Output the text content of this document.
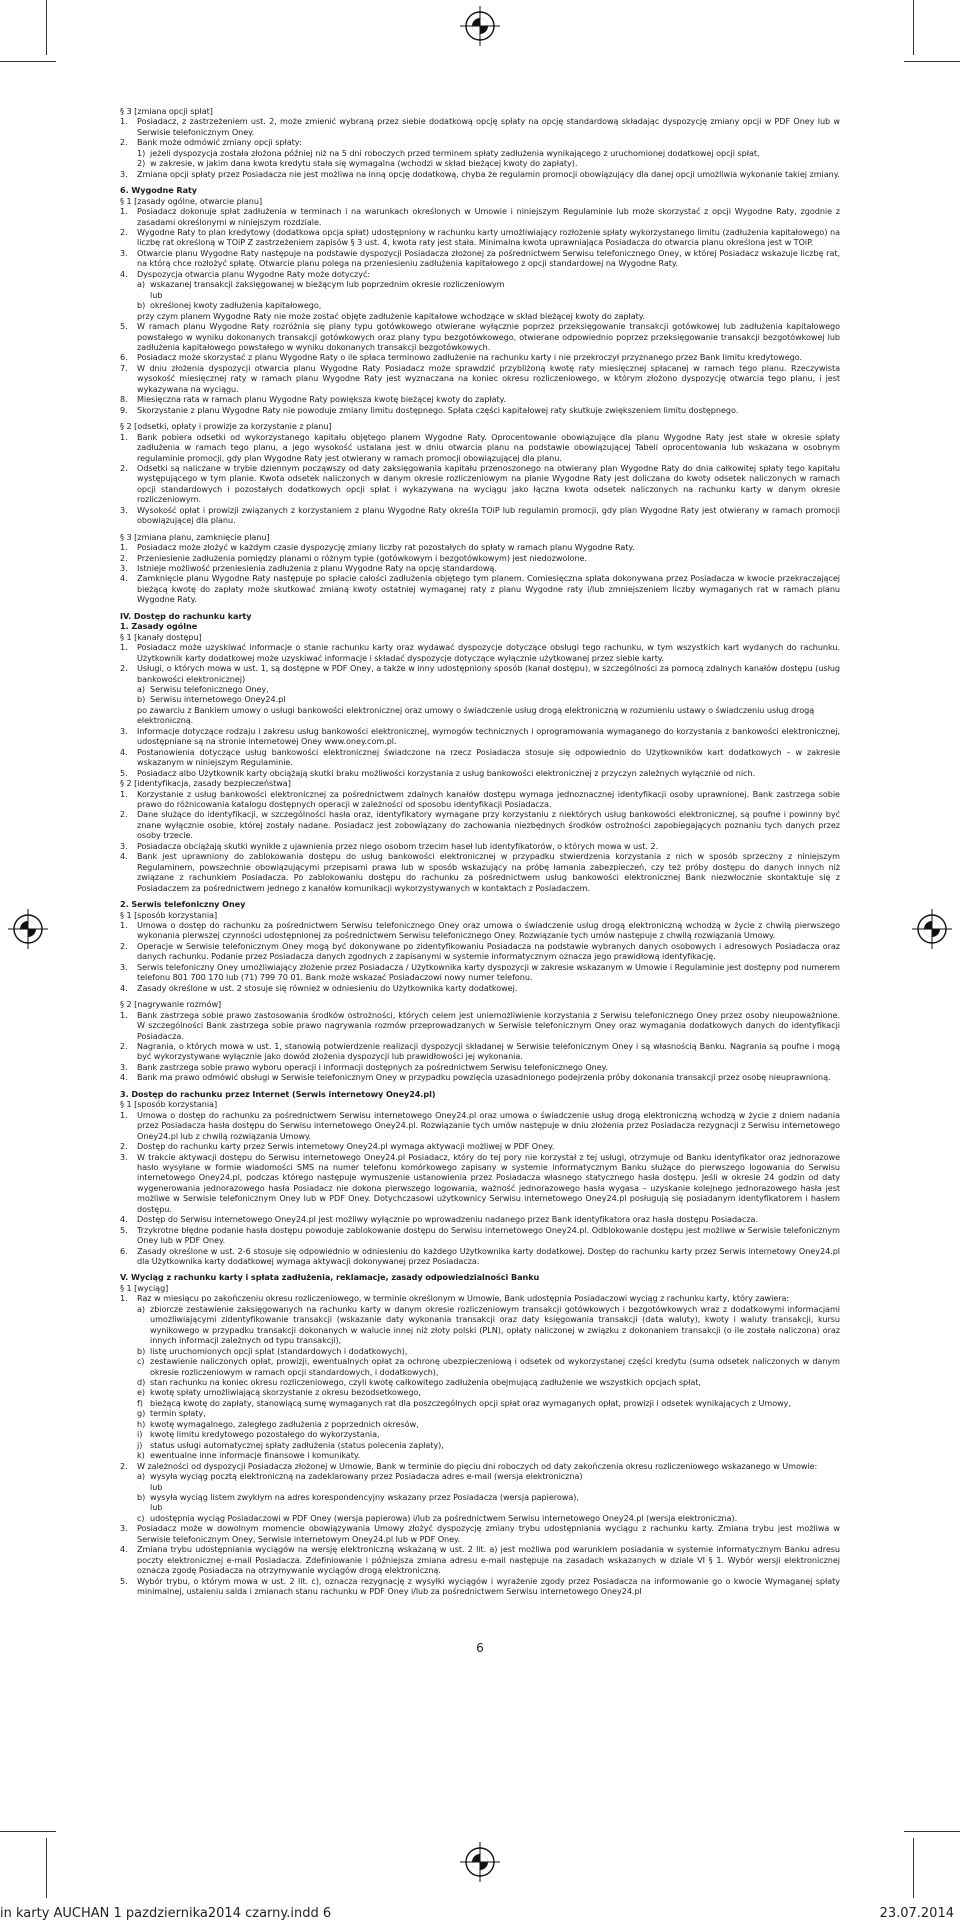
§ 3 [zmiana opcji spłat]
1.	Posiadacz, z zastrzeżeniem ust. 2, może zmienić wybraną przez siebie dodatkową opcję spłaty na opcję standardową składając dyspozycję zmiany opcji w PDF Oney lub w Serwisie telefonicznym Oney.
2.	Bank może odmówić zmiany opcji spłaty:
1) jeżeli dyspozycja została złożona później niż na 5 dni roboczych przed terminem spłaty zadłużenia wynikającego z uruchomionej dodatkowej opcji spłat,
2) w zakresie, w jakim dana kwota kredytu stała się wymagalna (wchodzi w skład bieżącej kwoty do zapłaty).
3.	Zmiana opcji spłaty przez Posiadacza nie jest możliwa na inną opcję dodatkową, chyba że regulamin promocji obowiązujący dla danej opcji umożliwia wykonanie takiej zmiany.
6. Wygodne Raty
§ 1 [zasady ogólne, otwarcie planu]
1.	Posiadacz dokonuje spłat zadłużenia w terminach i na warunkach określonych w Umowie i niniejszym Regulaminie lub może skorzystać z opcji Wygodne Raty, zgodnie z zasadami określonymi w niniejszym rozdziale.
2.	Wygodne Raty to plan kredytowy (dodatkowa opcja spłat) udostępniony w rachunku karty umożliwiający rozłożenie spłaty wykorzystanego limitu (zadłużenia kapitałowego) na liczbę rat określoną w TOiP Z zastrzeżeniem zapisów § 3 ust. 4, kwota raty jest stała. Minimalna kwota uprawniająca Posiadacza do otwarcia planu określona jest w TOiP.
3.	Otwarcie planu Wygodne Raty następuje na podstawie dyspozycji Posiadacza złożonej za pośrednictwem Serwisu telefonicznego Oney, w której Posiadacz wskazuje liczbę rat, na którą chce rozłożyć spłatę. Otwarcie planu polega na przeniesieniu zadłużenia kapitałowego z opcji standardowej na Wygodne Raty.
4.	Dyspozycja otwarcia planu Wygodne Raty może dotyczyć:
a) wskazanej transakcji zaksięgowanej w bieżącym lub poprzednim okresie rozliczeniowym
lub
b) określonej kwoty zadłużenia kapitałowego,
przy czym planem Wygodne Raty nie może zostać objęte zadłużenie kapitałowe wchodzące w skład bieżącej kwoty do zapłaty.
5.	W ramach planu Wygodne Raty rozróżnia się plany typu gotówkowego otwierane wyłącznie poprzez przeksięgowanie transakcji gotówkowej lub zadłużenia kapitałowego powstałego w wyniku dokonanych transakcji gotówkowych oraz plany typu bezgotówkowego, otwierane odpowiednio poprzez przeksięgowanie transakcji bezgotówkowej lub zadłużenia kapitałowego powstałego w wyniku dokonanych transakcji bezgotówkowych.
6.	Posiadacz może skorzystać z planu Wygodne Raty o ile spłaca terminowo zadłużenie na rachunku karty i nie przekroczył przyznanego przez Bank limitu kredytowego.
7.	W dniu złożenia dyspozycji otwarcia planu Wygodne Raty Posiadacz może sprawdzić przybliżoną kwotę raty miesięcznej spłacanej w ramach tego planu. Rzeczywista wysokość miesięcznej raty w ramach planu Wygodne Raty jest wyznaczana na koniec okresu rozliczeniowego, w którym złożono dyspozycję otwarcia tego planu, i jest wykazywana na wyciągu.
8.	Miesięczna rata w ramach planu Wygodne Raty powiększa kwotę bieżącej kwoty do zapłaty.
9.	Skorzystanie z planu Wygodne Raty nie powoduje zmiany limitu dostępnego. Spłata części kapitałowej raty skutkuje zwiększeniem limitu dostępnego.
§ 2 [odsetki, opłaty i prowizje za korzystanie z planu]
1.	Bank pobiera odsetki od wykorzystanego kapitału objętego planem Wygodne Raty. Oprocentowanie obowiązujące dla planu Wygodne Raty jest stałe w okresie spłaty zadłużenia w ramach tego planu, a jego wysokość ustalana jest w dniu otwarcia planu na podstawie obowiązującej Tabeli oprocentowania lub wskazana w osobnym regulaminie promocji, gdy plan Wygodne Raty jest otwierany w ramach promocji obowiązującej dla planu.
2.	Odsetki są naliczane w trybie dziennym począwszy od daty zaksięgowania kapitału przenoszonego na otwierany plan Wygodne Raty do dnia całkowitej spłaty tego kapitału występującego w tym planie. Kwota odsetek naliczonych w danym okresie rozliczeniowym na planie Wygodne Raty jest doliczana do kwoty odsetek naliczonych w ramach opcji standardowych i pozostałych dodatkowych opcji spłat i wykazywana na wyciągu jako łączna kwota odsetek naliczonych na rachunku karty w danym okresie rozliczeniowym.
3.	Wysokość opłat i prowizji związanych z korzystaniem z planu Wygodne Raty określa TOiP lub regulamin promocji, gdy plan Wygodne Raty jest otwierany w ramach promocji obowiązującej dla planu.
§ 3 [zmiana planu, zamknięcie planu]
1.	Posiadacz może złożyć w każdym czasie dyspozycję zmiany liczby rat pozostałych do spłaty w ramach planu Wygodne Raty.
2.	Przeniesienie zadłużenia pomiędzy planami o różnym typie (gotówkowym i bezgotówkowym) jest niedozwolone.
3.	Istnieje możliwość przeniesienia zadłużenia z planu Wygodne Raty na opcję standardową.
4.	Zamknięcie planu Wygodne Raty następuje po spłacie całości zadłużenia objętego tym planem. Comiesięczna spłata dokonywana przez Posiadacza w kwocie przekraczającej bieżącą kwotę do zapłaty może skutkować zmianą kwoty ostatniej wymaganej raty z planu Wygodne raty i/lub zmniejszeniem liczby wymaganych rat w ramach planu Wygodne Raty.
IV. Dostęp do rachunku karty
1. Zasady ogólne
§ 1 [kanały dostępu]
1.	Posiadacz może uzyskiwać informacje o stanie rachunku karty oraz wydawać dyspozycje dotyczące obsługi tego rachunku, w tym wszystkich kart wydanych do rachunku. Użytkownik karty dodatkowej może uzyskiwać informacje i składać dyspozycje dotyczące wyłącznie użytkowanej przez siebie karty.
2.	Usługi, o których mowa w ust. 1, są dostępne w PDF Oney, a także w inny udostępniony sposób (kanał dostępu), w szczególności za pomocą zdalnych kanałów dostępu (usług bankowości elektronicznej)
a) Serwisu telefonicznego Oney,
b) Serwisu internetowego Oney24.pl
po zawarciu z Bankiem umowy o usługi bankowości elektronicznej oraz umowy o świadczenie usług drogą elektroniczną w rozumieniu ustawy o świadczeniu usług drogą elektroniczną.
3.	Informacje dotyczące rodzaju i zakresu usług bankowości elektronicznej, wymogów technicznych i oprogramowania wymaganego do korzystania z bankowości elektronicznej, udostępniane są na stronie internetowej Oney www.oney.com.pl.
4.	Postanowienia dotyczące usług bankowości elektronicznej świadczone na rzecz Posiadacza stosuje się odpowiednio do Użytkowników kart dodatkowych – w zakresie wskazanym w niniejszym Regulaminie.
5.	Posiadacz albo Użytkownik karty obciążają skutki braku możliwości korzystania z usług bankowości elektronicznej z przyczyn zależnych wyłącznie od nich.
§ 2 [identyfikacja, zasady bezpieczeństwa]
1.	Korzystanie z usług bankowości elektronicznej za pośrednictwem zdalnych kanałów dostępu wymaga jednoznacznej identyfikacji osoby uprawnionej. Bank zastrzega sobie prawo do różnicowania katalogu dostępnych operacji w zależności od sposobu identyfikacji Posiadacza.
2.	Dane służące do identyfikacji, w szczególności hasła oraz, identyfikatory wymagane przy korzystaniu z niektórych usług bankowości elektronicznej, są poufne i powinny być znane wyłącznie osobie, której zostały nadane. Posiadacz jest zobowiązany do zachowania niezbędnych środków ostrożności zapobiegających poznaniu tych danych przez osoby trzecie.
3.	Posiadacza obciążają skutki wynikłe z ujawnienia przez niego osobom trzecim haseł lub identyfikatorów, o których mowa w ust. 2.
4.	Bank jest uprawniony do zablokowania dostępu do usług bankowości elektronicznej w przypadku stwierdzenia korzystania z nich w sposób sprzeczny z niniejszym Regulaminem, powszechnie obowiązującymi przepisami prawa lub w sposób wskazujący na próbę łamania zabezpieczeń, czy też próby dostępu do danych innych niż związane z rachunkiem Posiadacza. Po zablokowaniu dostępu do rachunku za pośrednictwem usług bankowości elektronicznej Bank niezwłocznie skontaktuje się z Posiadaczem za pośrednictwem jednego z kanałów komunikacji wykorzystywanych w kontaktach z Posiadaczem.
2. Serwis telefoniczny Oney
§ 1 [sposób korzystania]
1.	Umowa o dostęp do rachunku za pośrednictwem Serwisu telefonicznego Oney oraz umowa o świadczenie usług drogą elektroniczną wchodzą w życie z chwilą pierwszego wykonania pierwszej czynności udostępnionej za pośrednictwem Serwisu telefonicznego Oney. Rozwiązanie tych umów następuje z chwilą rozwiązania Umowy.
2.	Operacje w Serwisie telefonicznym Oney mogą być dokonywane po zidentyfikowaniu Posiadacza na podstawie wybranych danych osobowych i adresowych Posiadacza oraz danych rachunku. Podanie przez Posiadacza danych zgodnych z zapisanymi w systemie informatycznym oznacza jego prawidłową identyfikację.
3.	Serwis telefoniczny Oney umożliwiający złożenie przez Posiadacza / Użytkownika karty dyspozycji w zakresie wskazanym w Umowie i Regulaminie jest dostępny pod numerem telefonu 801 700 170 lub (71) 799 70 01. Bank może wskazać Posiadaczowi nowy numer telefonu.
4.	Zasady określone w ust. 2 stosuje się również w odniesieniu do Użytkownika karty dodatkowej.
§ 2 [nagrywanie rozmów]
1.	Bank zastrzega sobie prawo zastosowania środków ostrożności, których celem jest uniemożliwienie korzystania z Serwisu telefonicznego Oney przez osoby nieupoważnione. W szczególności Bank zastrzega sobie prawo nagrywania rozmów przeprowadzanych w Serwisie telefonicznym Oney oraz wymagania dodatkowych danych do identyfikacji Posiadacza.
2.	Nagrania, o których mowa w ust. 1, stanowią potwierdzenie realizacji dyspozycji składanej w Serwisie telefonicznym Oney i są własnością Banku. Nagrania są poufne i mogą być wykorzystywane wyłącznie jako dowód złożenia dyspozycji lub prawidłowości jej wykonania.
3.	Bank zastrzega sobie prawo wyboru operacji i informacji dostępnych za pośrednictwem Serwisu telefonicznego Oney.
4.	Bank ma prawo odmówić obsługi w Serwisie telefonicznym Oney w przypadku powzięcia uzasadnionego podejrzenia próby dokonania transakcji przez osobę nieuprawnioną.
3. Dostęp do rachunku przez Internet (Serwis internetowy Oney24.pl)
§ 1 [sposób korzystania]
1.	Umowa o dostęp do rachunku za pośrednictwem Serwisu internetowego Oney24.pl oraz umowa o świadczenie usług drogą elektroniczną wchodzą w życie z dniem nadania przez Posiadacza hasła dostępu do Serwisu internetowego Oney24.pl. Rozwiązanie tych umów następuje w dniu złożenia przez Posiadacza rezygnacji z Serwisu internetowego Oney24.pl lub z chwilą rozwiązania Umowy.
2.	Dostęp do rachunku karty przez Serwis internetowy Oney24.pl wymaga aktywacji możliwej w PDF Oney.
3.	W trakcie aktywacji dostępu do Serwisu internetowego Oney24.pl Posiadacz, który do tej pory nie korzystał z tej usługi, otrzymuje od Banku identyfikator oraz jednorazowe hasło wysyłane w formie wiadomości SMS na numer telefonu komórkowego zapisany w systemie informatycznym Banku służące do pierwszego logowania do Serwisu internetowego Oney24.pl, podczas którego następuje wymuszenie ustanowienia przez Posiadacza własnego statycznego hasła dostępu. Jeśli w okresie 24 godzin od daty wygenerowania jednorazowego hasła Posiadacz nie dokona pierwszego logowania, ważność jednorazowego hasła wygasa – uzyskanie kolejnego jednorazowego hasła jest możliwe w Serwisie telefonicznym Oney lub w PDF Oney. Dotychczasowi użytkownicy Serwisu internetowego Oney24.pl posługują się posiadanym identyfikatorem i hasłem dostępu.
4.	Dostęp do Serwisu internetowego Oney24.pl jest możliwy wyłącznie po wprowadzeniu nadanego przez Bank identyfikatora oraz hasła dostępu Posiadacza.
5.	Trzykrotne błędne podanie hasła dostępu powoduje zablokowanie dostępu do Serwisu internetowego Oney24.pl. Odblokowanie dostępu jest możliwe w Serwisie telefonicznym Oney lub w PDF Oney.
6.	Zasady określone w ust. 2-6 stosuje się odpowiednio w odniesieniu do każdego Użytkownika karty dodatkowej. Dostęp do rachunku karty przez Serwis internetowy Oney24.pl dla Użytkownika karty dodatkowej wymaga aktywacji dokonywanej przez Posiadacza.
V. Wyciąg z rachunku karty i spłata zadłużenia, reklamacje, zasady odpowiedzialności Banku
§ 1 [wyciąg]
1.	Raz w miesiącu po zakończeniu okresu rozliczeniowego, w terminie określonym w Umowie, Bank udostępnia Posiadaczowi wyciąg z rachunku karty, który zawiera:
a) zbiorcze zestawienie zaksięgowanych na rachunku karty w danym okresie rozliczeniowym transakcji gotówkowych i bezgotówkowych wraz z dodatkowymi informacjami umożliwiającymi zidentyfikowanie transakcji (wskazanie daty wykonania transakcji oraz daty księgowania transakcji (data waluty), kwoty i waluty transakcji, kursu wynikowego w przypadku transakcji dokonanych w walucie innej niż złoty polski (PLN), opłaty naliczonej w związku z dokonaniem transakcji (o ile została naliczona) oraz innych informacji zależnych od typu transakcji),
b) listę uruchomionych opcji spłat (standardowych i dodatkowych),
c) zestawienie naliczonych opłat, prowizji, ewentualnych opłat za ochronę ubezpieczeniową i odsetek od wykorzystanej części kredytu (suma odsetek naliczonych w danym okresie rozliczeniowym w ramach opcji standardowych, i dodatkowych),
d) stan rachunku na koniec okresu rozliczeniowego, czyli kwotę całkowitego zadłużenia obejmującą zadłużenie we wszystkich opcjach spłat,
e) kwotę spłaty umożliwiającą skorzystanie z okresu bezodsetkowego,
f) bieżącą kwotę do zapłaty, stanowiącą sumę wymaganych rat dla poszczególnych opcji spłat oraz wymaganych opłat, prowizji i odsetek wynikających z Umowy,
g) termin spłaty,
h) kwotę wymagalnego, zaległego zadłużenia z poprzednich okresów,
i) kwotę limitu kredytowego pozostałego do wykorzystania,
j) status usługi automatycznej spłaty zadłużenia (status polecenia zapłaty),
k) ewentualne inne informacje finansowe i komunikaty.
2.	W zależności od dyspozycji Posiadacza złożonej w Umowie, Bank w terminie do pięciu dni roboczych od daty zakończenia okresu rozliczeniowego wskazanego w Umowie:
a) wysyła wyciąg pocztą elektroniczną na zadeklarowany przez Posiadacza adres e-mail (wersja elektroniczna)
lub
b) wysyła wyciąg listem zwykłym na adres korespondencyjny wskazany przez Posiadacza (wersja papierowa),
lub
c) udostępnia wyciąg Posiadaczowi w PDF Oney (wersja papierowa) i/lub za pośrednictwem Serwisu internetowego Oney24.pl (wersja elektroniczna).
3.	Posiadacz może w dowolnym momencie obowiązywania Umowy złożyć dyspozycję zmiany trybu udostępniania wyciągu z rachunku karty. Zmiana trybu jest możliwa w Serwisie telefonicznym Oney, Serwisie internetowym Oney24.pl lub w PDF Oney.
4.	Zmiana trybu udostępniania wyciągów na wersję elektroniczną wskazaną w ust. 2 lit. a) jest możliwa pod warunkiem posiadania w systemie informatycznym Banku adresu poczty elektronicznej e-mail Posiadacza. Zdefiniowanie i późniejsza zmiana adresu e-mail następuje na zasadach wskazanych w dziale VI § 1. Wybór wersji elektronicznej oznacza zgodę Posiadacza na otrzymywanie wyciągów drogą elektroniczną.
5.	Wybór trybu, o którym mowa w ust. 2 lit. c), oznacza rezygnację z wysyłki wyciągów i wyrażenie zgody przez Posiadacza na informowanie go o kwocie Wymaganej spłaty minimalnej, ustaleniu salda i zmianach stanu rachunku w PDF Oney i/lub za pośrednictwem Serwisu internetowego Oney24.pl
6
in karty AUCHAN 1 pazdziernika2014 czarny.indd 6	23.07.2014
